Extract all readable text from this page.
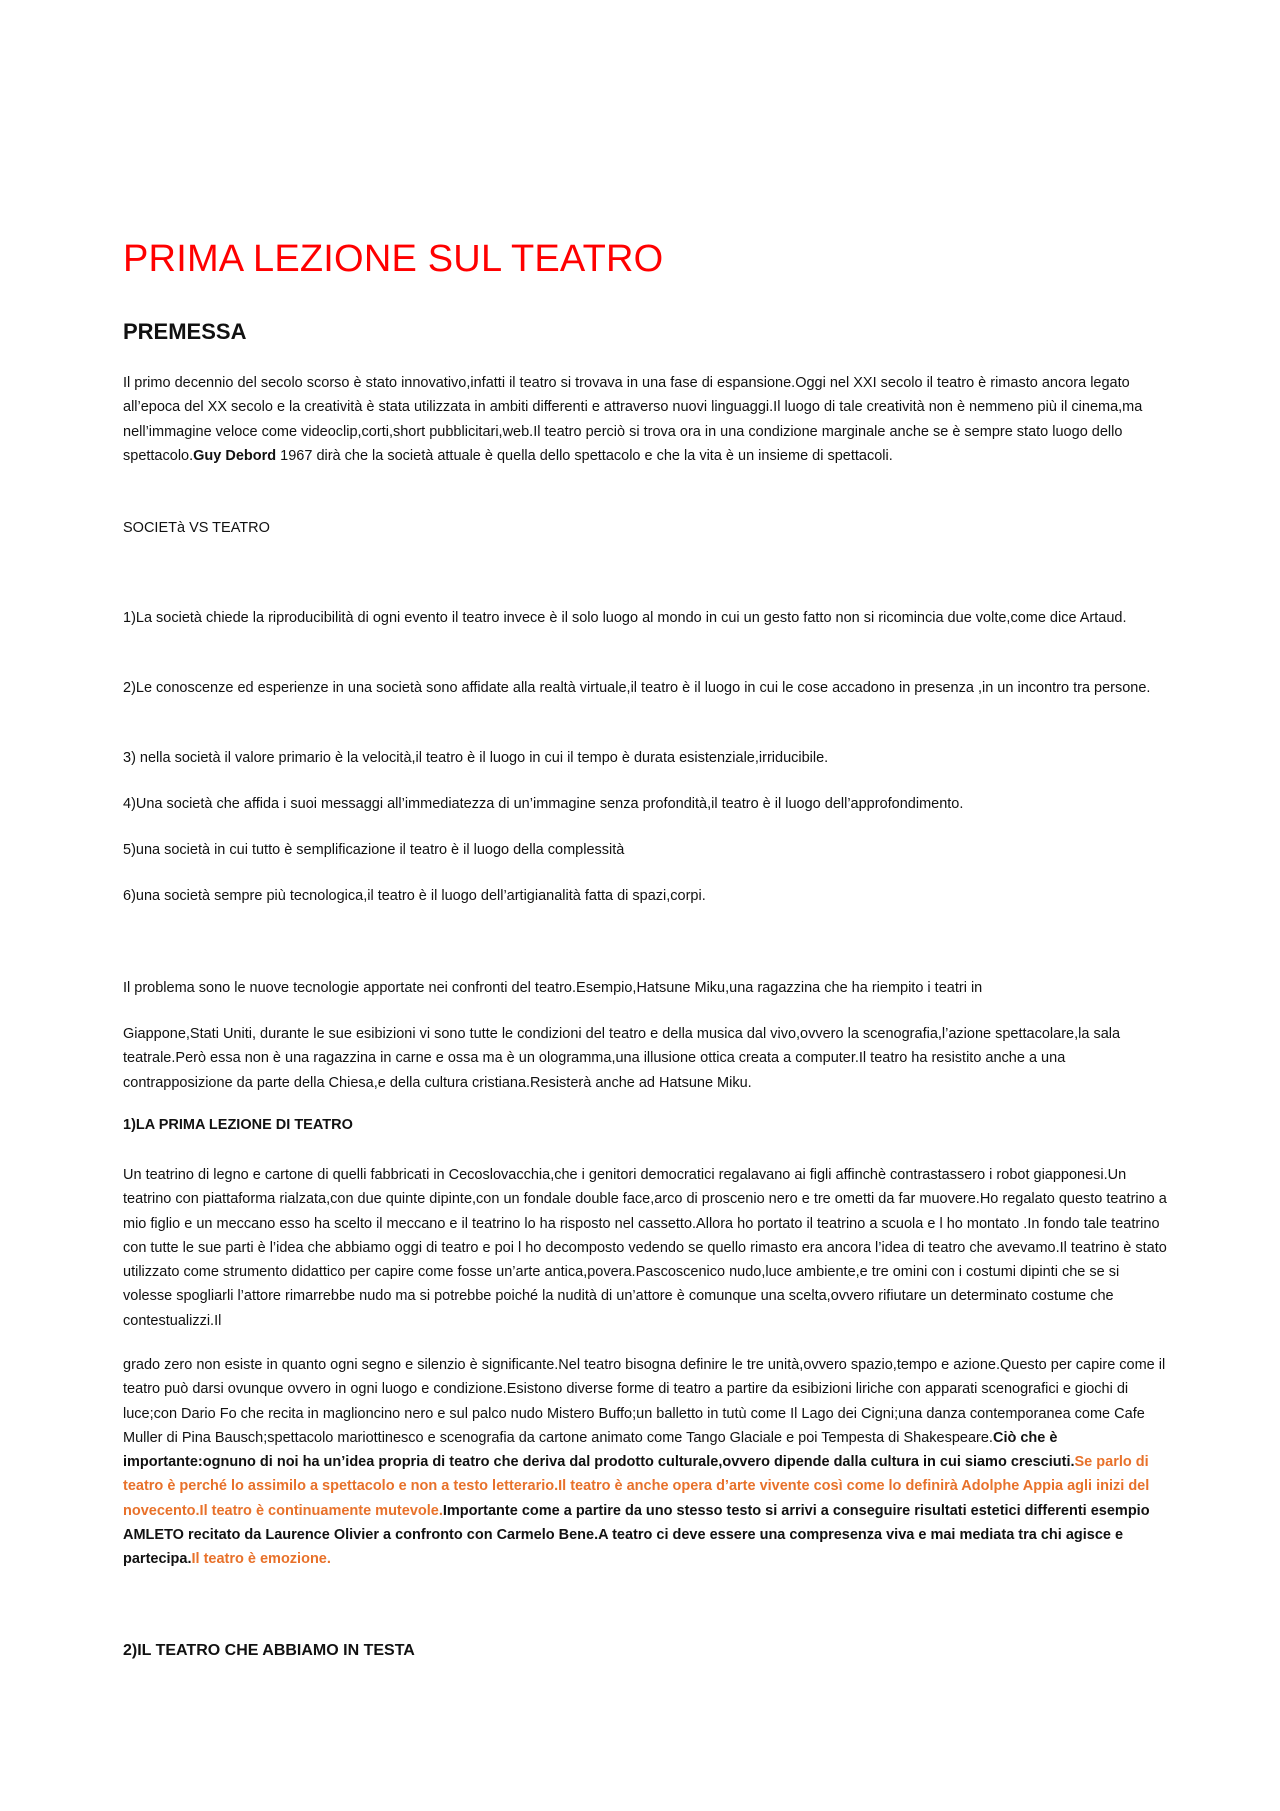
PRIMA LEZIONE SUL TEATRO
PREMESSA

Il primo decennio del secolo scorso è stato innovativo,infatti il teatro si trovava in una fase di espansione.Oggi nel XXI secolo il teatro è rimasto ancora legato all’epoca del XX secolo e la creatività è stata utilizzata in ambiti differenti e attraverso nuovi linguaggi.Il luogo di tale creatività non è nemmeno più il cinema,ma nell’immagine veloce come videoclip,corti,short pubblicitari,web.Il teatro perciò si trova ora in una condizione marginale anche se è sempre stato luogo dello spettacolo.Guy Debord 1967 dirà che la società attuale è quella dello spettacolo e che la vita è un insieme di spettacoli.

SOCIETà VS TEATRO

1)La società chiede la riproducibilità di ogni evento il teatro invece è il solo luogo al mondo in cui un gesto fatto non si ricomincia due volte,come dice Artaud.

2)Le conoscenze ed esperienze in una società sono affidate alla realtà virtuale,il teatro è il luogo in cui le cose accadono in presenza ,in un incontro tra persone.

3) nella società il valore primario è la velocità,il teatro è il luogo in cui il tempo è durata esistenziale,irriducibile.

4)Una società che affida i suoi messaggi all’immediatezza di un’immagine senza profondità,il teatro è il luogo dell’approfondimento.

5)una società in cui tutto è semplificazione il teatro è il luogo della complessità

6)una società sempre più tecnologica,il teatro è il luogo dell’artigianalità fatta di spazi,corpi.

Il problema sono le nuove tecnologie apportate nei confronti del teatro.Esempio,Hatsune Miku,una ragazzina che ha riempito i teatri in

Giappone,Stati Uniti, durante le sue esibizioni vi sono tutte le condizioni del teatro e della musica dal vivo,ovvero la scenografia,l’azione spettacolare,la sala teatrale.Però essa non è una ragazzina in carne e ossa ma è un ologramma,una illusione ottica creata a computer.Il teatro ha resistito anche a una contrapposizione da parte della Chiesa,e della cultura cristiana.Resisterà anche ad Hatsune Miku.

1)LA PRIMA LEZIONE DI TEATRO

Un teatrino di legno e cartone di quelli fabbricati in Cecoslovacchia,che i genitori democratici regalavano ai figli affinchè contrastassero i robot giapponesi.Un teatrino con piattaforma rialzata,con due quinte dipinte,con un fondale double face,arco di proscenio nero e tre ometti da far muovere.Ho regalato questo teatrino a mio figlio e un meccano esso ha scelto il meccano e il teatrino lo ha risposto nel cassetto.Allora ho portato il teatrino a scuola e l ho montato .In fondo tale teatrino con tutte le sue parti è l’idea che abbiamo oggi di teatro e poi l ho decomposto vedendo se quello rimasto era ancora l’idea di teatro che avevamo.Il teatrino è stato utilizzato come strumento didattico per capire come fosse un’arte antica,povera.Pascoscenico nudo,luce ambiente,e tre omini con i costumi dipinti che se si volesse spogliarli l’attore rimarrebbe nudo ma si potrebbe poiché la nudità di un’attore è comunque una scelta,ovvero rifiutare un determinato costume che contestualizzi.Il

grado zero non esiste in quanto ogni segno e silenzio è significante.Nel teatro bisogna definire le tre unità,ovvero spazio,tempo e azione.Questo per capire come il teatro può darsi ovunque ovvero in ogni luogo e condizione.Esistono diverse forme di teatro a partire da esibizioni liriche con apparati scenografici e giochi di luce;con Dario Fo che recita in maglioncino nero e sul palco nudo Mistero Buffo;un balletto in tutù come Il Lago dei Cigni;una danza contemporanea come Cafe Muller di Pina Bausch;spettacolo mariottinesco e scenografia da cartone animato come Tango Glaciale e poi Tempesta di Shakespeare.Ciò che è importante:ognuno di noi ha un’idea propria di teatro che deriva dal prodotto culturale,ovvero dipende dalla cultura in cui siamo cresciuti.Se parlo di teatro è perché lo assimilo a spettacolo e non a testo letterario.Il teatro è anche opera d’arte vivente così come lo definirà Adolphe Appia agli inizi del novecento.Il teatro è continuamente mutevole.Importante come a partire da uno stesso testo si arrivi a conseguire risultati estetici differenti esempio AMLETO recitato da Laurence Olivier a confronto con Carmelo Bene.A teatro ci deve essere una compresenza viva e mai mediata tra chi agisce e partecipa.Il teatro è emozione.

2)IL TEATRO CHE ABBIAMO IN TESTA
